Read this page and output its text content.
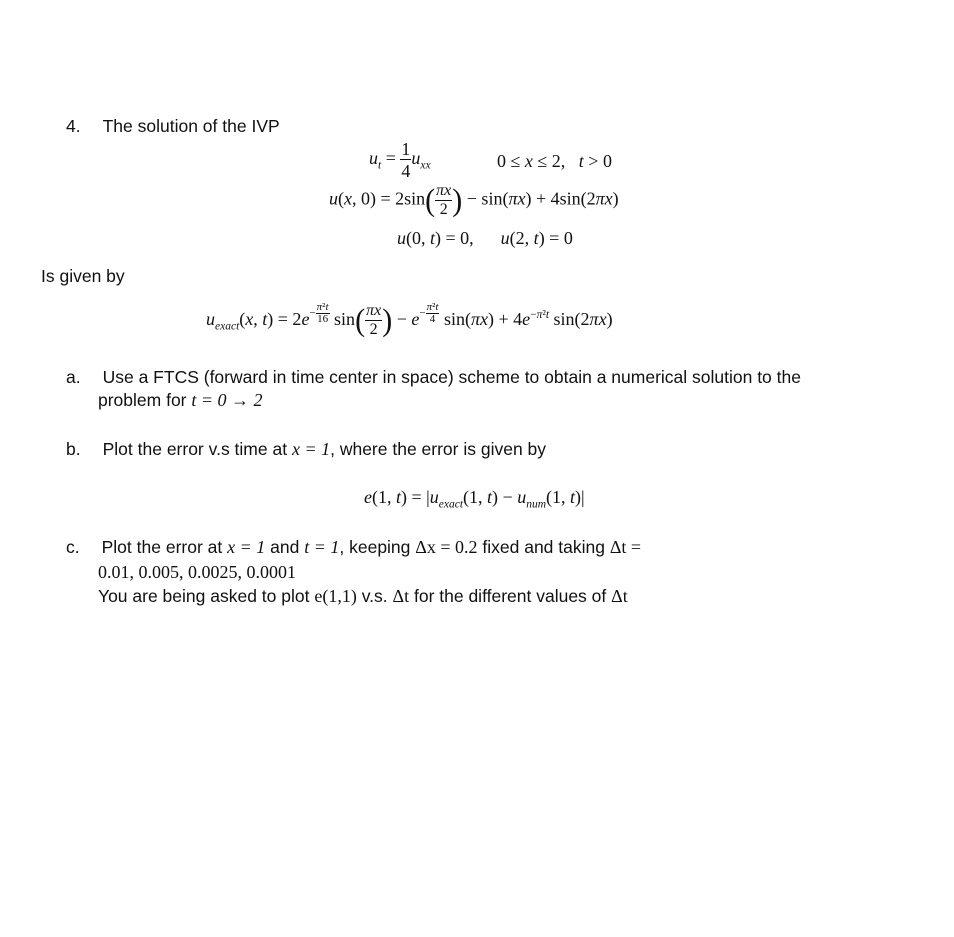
4. The solution of the IVP
$u_t = \frac{1}{4} u_{xx}$	0 ≤ x ≤ 2,   t > 0
u(x, $0) = 2\sin( \frac{\pi x}{2}$ ) − sin(πx) + 4sin(2πx)
u(0, t) = 0,      u(2, t) = 0
Is given by
$u_{exact}(x$, $t) = 2e- \frac{\text{π²t}}{16} \sin( \frac{\pi x}{2}$ ) − $e- \frac{\text{π²t}}{4} \sin(\pi x) + 4e^{-\pi^2t}$ sin(2πx)
a. Use a FTCS (forward in time center in space) scheme to obtain a numerical solution to the
problem for t = 0 → 2
b. Plot the error v.s time at x = 1, where the error is given by
e(1, $t) = |u_{exact}(1$, $t) - u_{num}(1$, t)|
c. Plot the error at x = 1 and t = 1, keeping Δx = 0.2 fixed and taking Δt =
0.01, 0.005, 0.0025, 0.0001
You are being asked to plot e(1,1) v.s. Δt for the different values of Δt
